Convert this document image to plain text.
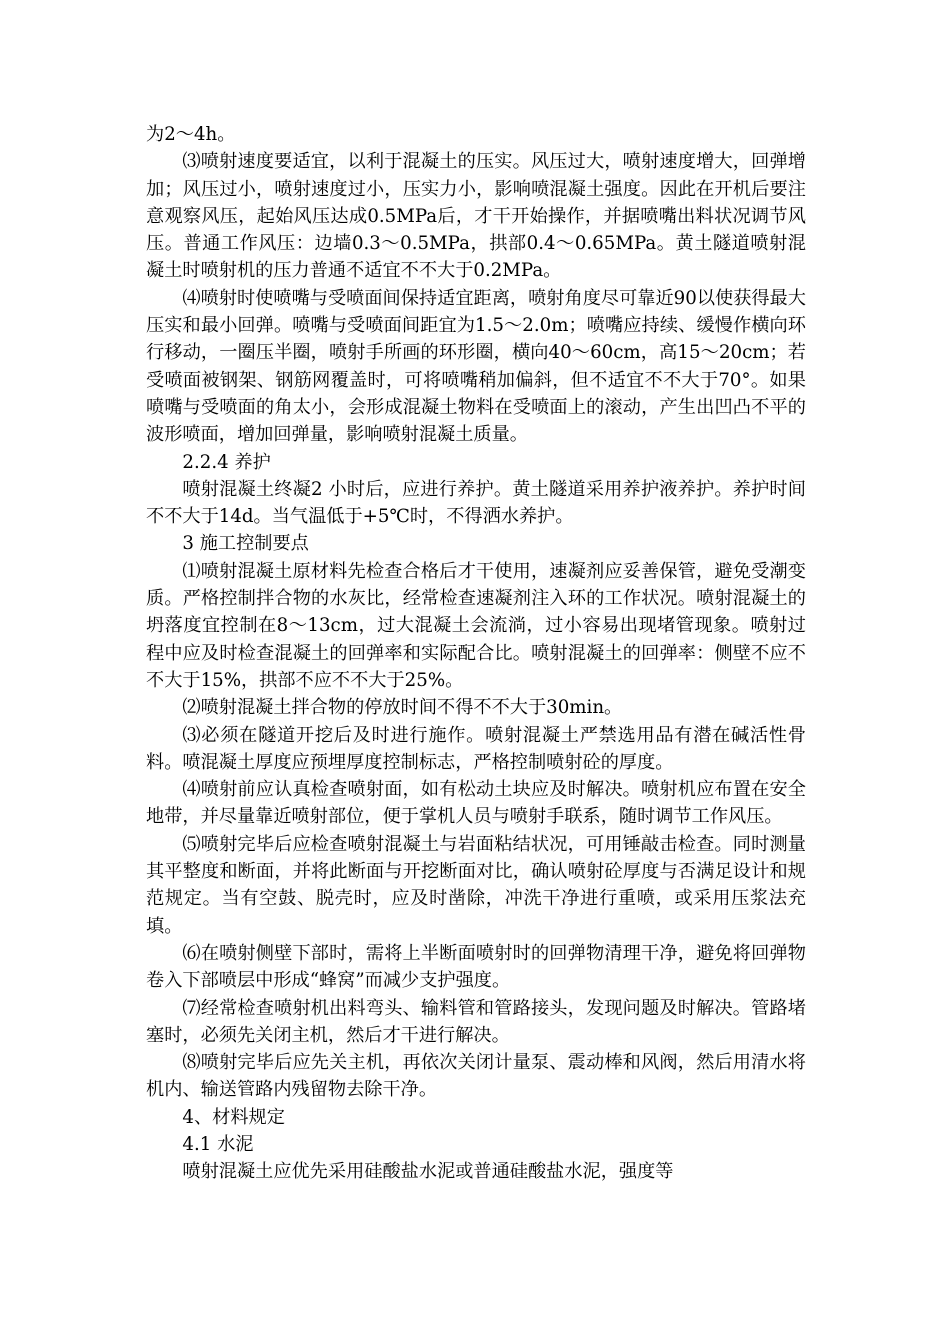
为2～4h。

⑶喷射速度要适宜，以利于混凝土的压实。风压过大，喷射速度增大，回弹增加；风压过小，喷射速度过小，压实力小，影响喷混凝土强度。因此在开机后要注意观察风压，起始风压达成0.5MPa后，才干开始操作，并据喷嘴出料状况调节风压。普通工作风压：边墙0.3～0.5MPa，拱部0.4～0.65MPa。黄土隧道喷射混凝土时喷射机的压力普通不适宜不不大于0.2MPa。

⑷喷射时使喷嘴与受喷面间保持适宜距离，喷射角度尽可靠近90以使获得最大压实和最小回弹。喷嘴与受喷面间距宜为1.5～2.0m；喷嘴应持续、缓慢作横向环行移动，一圈压半圈，喷射手所画的环形圈，横向40～60cm，高15～20cm；若受喷面被钢架、钢筋网覆盖时，可将喷嘴稍加偏斜，但不适宜不不大于70°。如果喷嘴与受喷面的角太小，会形成混凝土物料在受喷面上的滚动，产生出凹凸不平的波形喷面，增加回弹量，影响喷射混凝土质量。

2.2.4 养护

喷射混凝土终凝2 小时后，应进行养护。黄土隧道采用养护液养护。养护时间不不大于14d。当气温低于+5℃时，不得洒水养护。

3 施工控制要点

⑴喷射混凝土原材料先检查合格后才干使用，速凝剂应妥善保管，避免受潮变质。严格控制拌合物的水灰比，经常检查速凝剂注入环的工作状况。喷射混凝土的坍落度宜控制在8～13cm，过大混凝土会流淌，过小容易出现堵管现象。喷射过程中应及时检查混凝土的回弹率和实际配合比。喷射混凝土的回弹率：侧壁不应不不大于15%，拱部不应不不大于25%。

⑵喷射混凝土拌合物的停放时间不得不不大于30min。

⑶必须在隧道开挖后及时进行施作。喷射混凝土严禁选用品有潜在碱活性骨料。喷混凝土厚度应预埋厚度控制标志，严格控制喷射砼的厚度。

⑷喷射前应认真检查喷射面，如有松动土块应及时解决。喷射机应布置在安全地带，并尽量靠近喷射部位，便于掌机人员与喷射手联系，随时调节工作风压。

⑸喷射完毕后应检查喷射混凝土与岩面粘结状况，可用锤敲击检查。同时测量其平整度和断面，并将此断面与开挖断面对比，确认喷射砼厚度与否满足设计和规范规定。当有空鼓、脱壳时，应及时凿除，冲洗干净进行重喷，或采用压浆法充填。

⑹在喷射侧壁下部时，需将上半断面喷射时的回弹物清理干净，避免将回弹物卷入下部喷层中形成“蜂窝”而减少支护强度。

⑺经常检查喷射机出料弯头、输料管和管路接头，发现问题及时解决。管路堵塞时，必须先关闭主机，然后才干进行解决。

⑻喷射完毕后应先关主机，再依次关闭计量泵、震动棒和风阀，然后用清水将机内、输送管路内残留物去除干净。

4、材料规定

4.1 水泥

喷射混凝土应优先采用硅酸盐水泥或普通硅酸盐水泥，强度等
